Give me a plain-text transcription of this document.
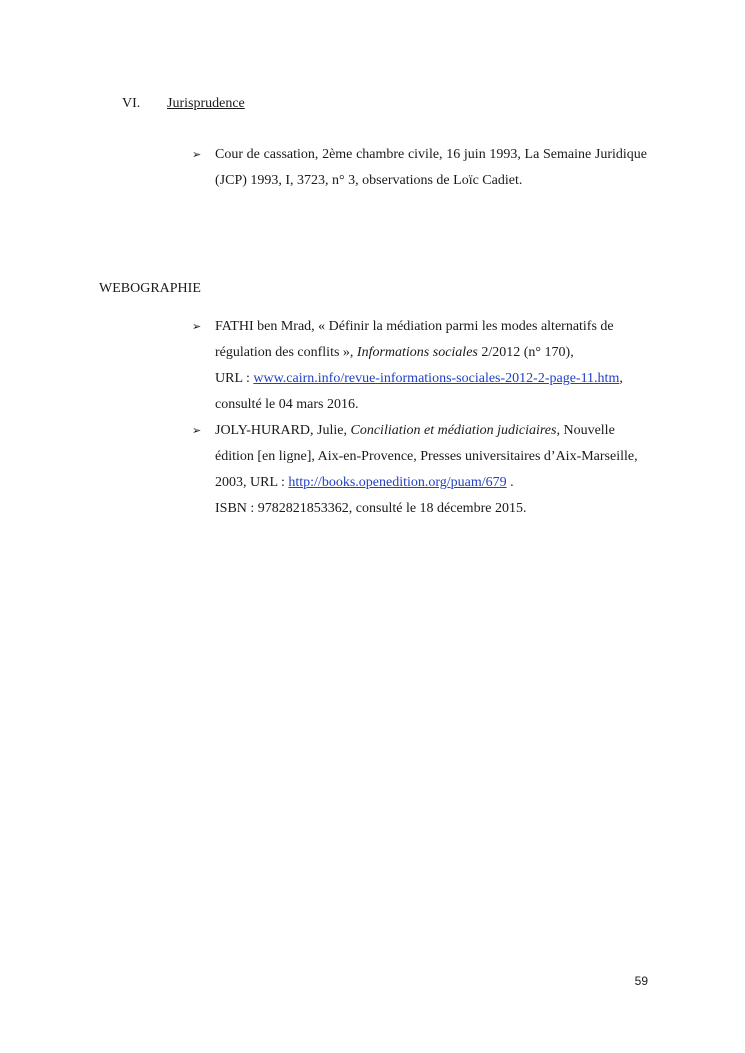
VI. Jurisprudence
➢ Cour de cassation, 2ème chambre civile, 16 juin 1993, La Semaine Juridique (JCP) 1993, I, 3723, n° 3, observations de Loïc Cadiet.
WEBOGRAPHIE
➢ FATHI ben Mrad, « Définir la médiation parmi les modes alternatifs de régulation des conflits », Informations sociales 2/2012 (n° 170),
URL : www.cairn.info/revue-informations-sociales-2012-2-page-11.htm, consulté le 04 mars 2016.
➢ JOLY-HURARD, Julie, Conciliation et médiation judiciaires, Nouvelle édition [en ligne], Aix-en-Provence, Presses universitaires d’Aix-Marseille, 2003, URL : http://books.openedition.org/puam/679 .
ISBN : 9782821853362, consulté le 18 décembre 2015.
59
